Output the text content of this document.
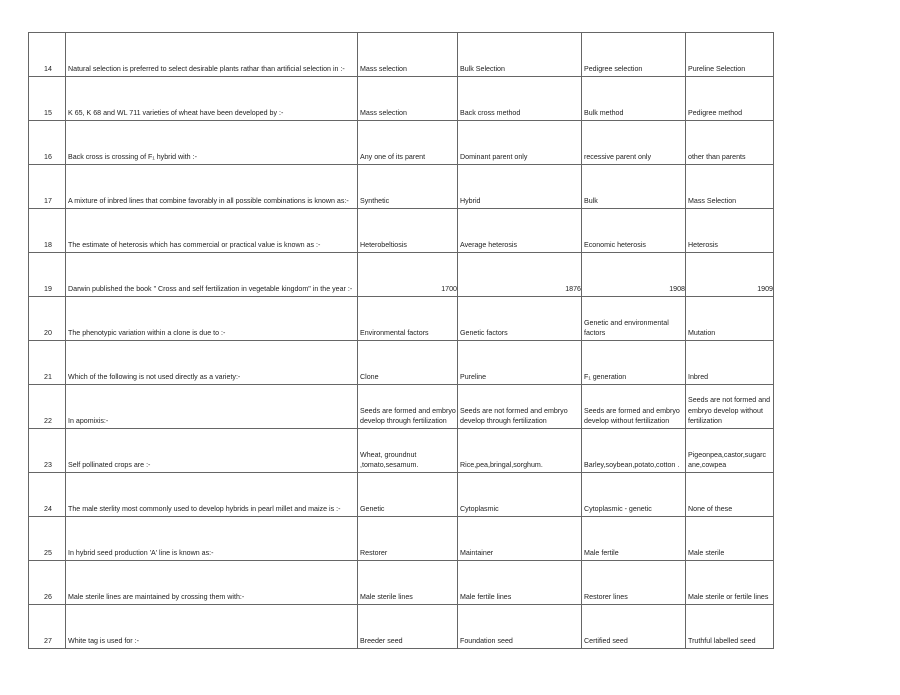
14	Natural selection is preferred to select desirable plants rathar than artificial selection in :-	Mass selection	Bulk Selection	Pedigree selection	Pureline Selection
15	K 65, K 68 and WL 711 varieties of wheat have been developed by :-	Mass selection	Back cross method	Bulk method	Pedigree method
16	Back cross is crossing of F₁ hybrid with :-	Any one of its parent	Dominant parent only	recessive parent only	other than parents
17	A mixture of inbred lines that combine favorably in all possible combinations is known as:-	Synthetic	Hybrid	Bulk	Mass Selection
18	The estimate of heterosis which has commercial or practical value is known as :-	Heterobeltiosis	Average heterosis	Economic heterosis	Heterosis
19	Darwin published the book " Cross and self fertilization in vegetable kingdom" in the year :-	1700	1876	1908	1909
20	The phenotypic variation within a clone is due to :-	Environmental factors	Genetic factors	Genetic and environmental factors	Mutation
21	Which of the following is not used directly as a variety:-	Clone	Pureline	F₁ generation	Inbred
22	In apomixis:-	Seeds are formed and embryo develop through fertilization	Seeds are not formed and embryo develop through fertilization	Seeds are formed and embryo develop without fertilization	Seeds are not formed and embryo develop without fertilization
23	Self pollinated crops are :-	Wheat, groundnut ,tomato,sesamum.	Rice,pea,bringal,sorghum.	Barley,soybean,potato,cotton .	Pigeonpea,castor,sugarc ane,cowpea
24	The male sterlity most commonly used to develop hybrids in pearl millet and maize is :-	Genetic	Cytoplasmic	Cytoplasmic - genetic	None of these
25	In hybrid seed production 'A' line is known as:-	Restorer	Maintainer	Male fertile	Male sterile
26	Male sterile lines are maintained by crossing them with:-	Male sterile lines	Male fertile lines	Restorer lines	Male sterile or fertile lines
27	White tag is used for :-	Breeder seed	Foundation seed	Certified seed	Truthful labelled seed
